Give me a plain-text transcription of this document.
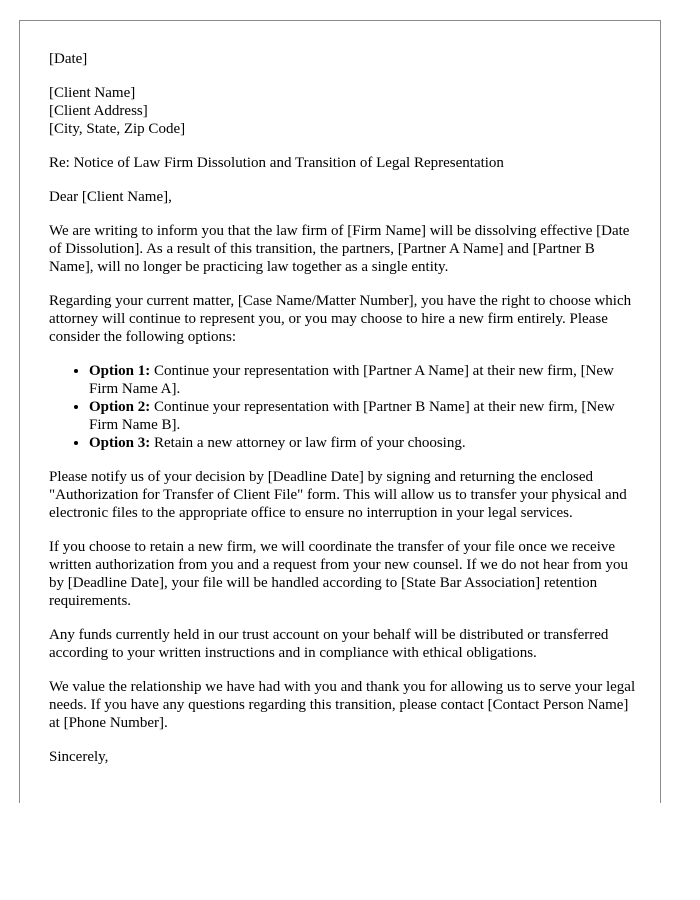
[Date]

[Client Name]
[Client Address]
[City, State, Zip Code]

Re: Notice of Law Firm Dissolution and Transition of Legal Representation

Dear [Client Name],

We are writing to inform you that the law firm of [Firm Name] will be dissolving effective [Date of Dissolution]. As a result of this transition, the partners, [Partner A Name] and [Partner B Name], will no longer be practicing law together as a single entity.

Regarding your current matter, [Case Name/Matter Number], you have the right to choose which attorney will continue to represent you, or you may choose to hire a new firm entirely. Please consider the following options:

• Option 1: Continue your representation with [Partner A Name] at their new firm, [New Firm Name A].
• Option 2: Continue your representation with [Partner B Name] at their new firm, [New Firm Name B].
• Option 3: Retain a new attorney or law firm of your choosing.

Please notify us of your decision by [Deadline Date] by signing and returning the enclosed "Authorization for Transfer of Client File" form. This will allow us to transfer your physical and electronic files to the appropriate office to ensure no interruption in your legal services.

If you choose to retain a new firm, we will coordinate the transfer of your file once we receive written authorization from you and a request from your new counsel. If we do not hear from you by [Deadline Date], your file will be handled according to [State Bar Association] retention requirements.

Any funds currently held in our trust account on your behalf will be distributed or transferred according to your written instructions and in compliance with ethical obligations.

We value the relationship we have had with you and thank you for allowing us to serve your legal needs. If you have any questions regarding this transition, please contact [Contact Person Name] at [Phone Number].

Sincerely,
